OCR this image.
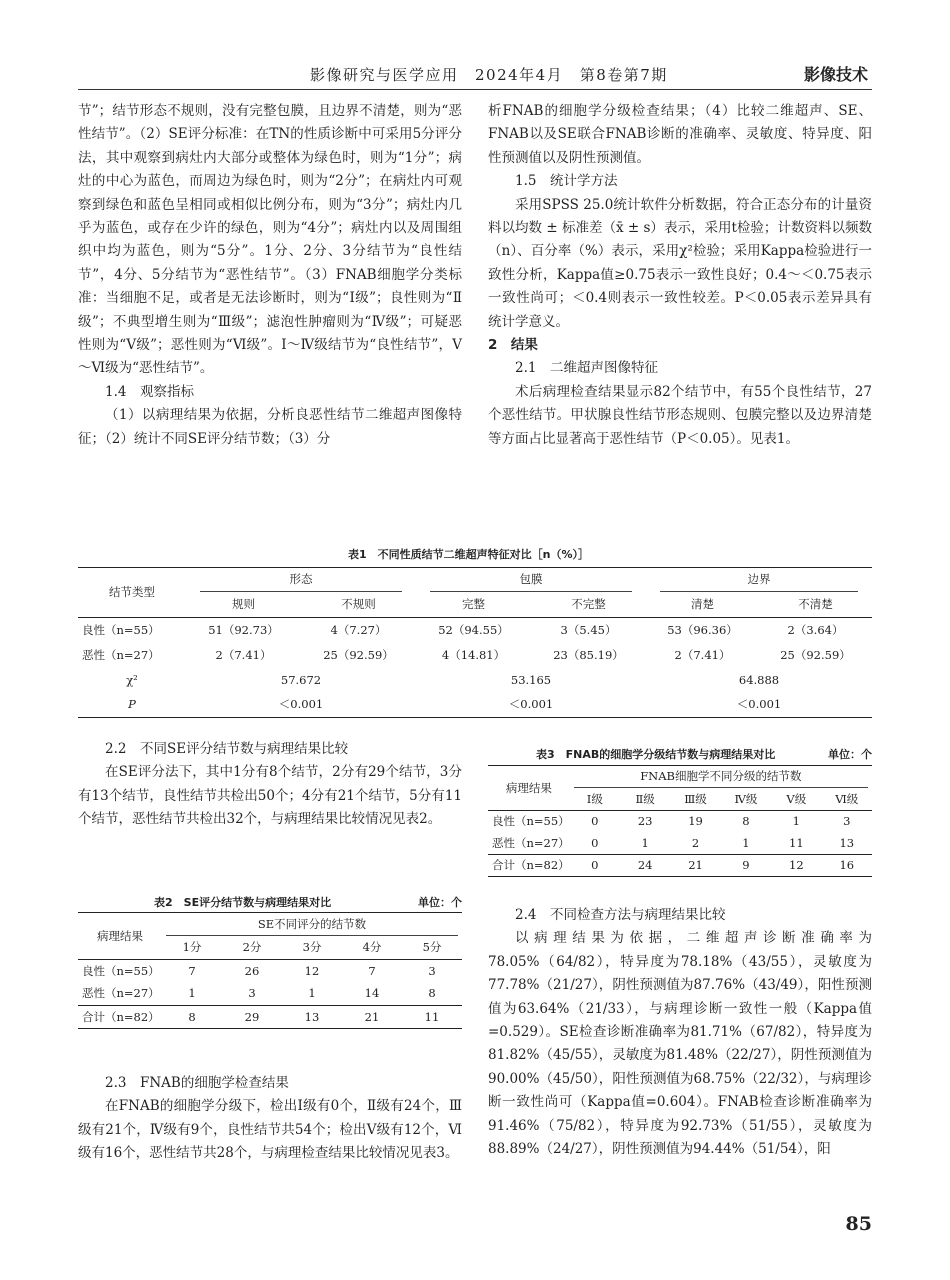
影像研究与医学应用　2024年4月　第8卷第7期	影像技术

节”；结节形态不规则，没有完整包膜，且边界不清楚，则为“恶性结节”。（2）SE评分标准：在TN的性质诊断中可采用5分评分法，其中观察到病灶内大部分或整体为绿色时，则为“1分”；病灶的中心为蓝色，而周边为绿色时，则为“2分”；在病灶内可观察到绿色和蓝色呈相同或相似比例分布，则为“3分”；病灶内几乎为蓝色，或存在少许的绿色，则为“4分”；病灶内以及周围组织中均为蓝色，则为“5分”。1分、2分、3分结节为“良性结节”，4分、5分结节为“恶性结节”。（3）FNAB细胞学分类标准：当细胞不足，或者是无法诊断时，则为“Ⅰ级”；良性则为“Ⅱ级”；不典型增生则为“Ⅲ级”；滤泡性肿瘤则为“Ⅳ级”；可疑恶性则为“Ⅴ级”；恶性则为“Ⅵ级”。Ⅰ～Ⅳ级结节为“良性结节”，Ⅴ～Ⅵ级为“恶性结节”。

1.4　观察指标

（1）以病理结果为依据，分析良恶性结节二维超声图像特征；（2）统计不同SE评分结节数；（3）分

析FNAB的细胞学分级检查结果；（4）比较二维超声、SE、FNAB以及SE联合FNAB诊断的准确率、灵敏度、特异度、阳性预测值以及阴性预测值。

1.5　统计学方法

采用SPSS 25.0统计软件分析数据，符合正态分布的计量资料以均数 ± 标准差（x̄ ± s）表示，采用t检验；计数资料以频数（n）、百分率（%）表示，采用χ²检验；采用Kappa检验进行一致性分析，Kappa值≥0.75表示一致性良好；0.4～＜0.75表示一致性尚可；＜0.4则表示一致性较差。P＜0.05表示差异具有统计学意义。

2　结果

2.1　二维超声图像特征

术后病理检查结果显示82个结节中，有55个良性结节，27个恶性结节。甲状腺良性结节形态规则、包膜完整以及边界清楚等方面占比显著高于恶性结节（P＜0.05）。见表1。

表1　不同性质结节二维超声特征对比［n（%）］
结节类型	形态		包膜		边界	

	规则	不规则	完整	不完整	清楚	不清楚
良性（n=55）	51（92.73）	4（7.27）	52（94.55）	3（5.45）	53（96.36）	2（3.64）
恶性（n=27）	2（7.41）	25（92.59）	4（14.81）	23（85.19）	2（7.41）	25（92.59）
χ²	57.672		53.165		64.888	
P	＜0.001		＜0.001		＜0.001	

2.2　不同SE评分结节数与病理结果比较

在SE评分法下，其中1分有8个结节，2分有29个结节，3分有13个结节，良性结节共检出50个；4分有21个结节，5分有11个结节，恶性结节共检出32个，与病理结果比较情况见表2。

表2　SE评分结节数与病理结果对比	单位：个
病理结果	SE不同评分的结节数				

	1分	2分	3分	4分	5分
良性（n=55）	7	26	12	7	3
恶性（n=27）	1	3	1	14	8
合计（n=82）	8	29	13	21	11

2.3　FNAB的细胞学检查结果

在FNAB的细胞学分级下，检出Ⅰ级有0个，Ⅱ级有24个，Ⅲ级有21个，Ⅳ级有9个，良性结节共54个；检出Ⅴ级有12个，Ⅵ级有16个，恶性结节共28个，与病理检查结果比较情况见表3。

表3　FNAB的细胞学分级结节数与病理结果对比	单位：个
病理结果	FNAB细胞学不同分级的结节数					

	Ⅰ级	Ⅱ级	Ⅲ级	Ⅳ级	Ⅴ级	Ⅵ级
良性（n=55）	0	23	19	8	1	3
恶性（n=27）	0	1	2	1	11	13
合计（n=82）	0	24	21	9	12	16

2.4　不同检查方法与病理结果比较

以病理结果为依据，二维超声诊断准确率为78.05%（64/82），特异度为78.18%（43/55），灵敏度为77.78%（21/27），阴性预测值为87.76%（43/49），阳性预测值为63.64%（21/33），与病理诊断一致性一般（Kappa值=0.529）。SE检查诊断准确率为81.71%（67/82），特异度为81.82%（45/55），灵敏度为81.48%（22/27），阴性预测值为90.00%（45/50），阳性预测值为68.75%（22/32），与病理诊断一致性尚可（Kappa值=0.604）。FNAB检查诊断准确率为91.46%（75/82），特异度为92.73%（51/55），灵敏度为88.89%（24/27），阴性预测值为94.44%（51/54），阳

85
